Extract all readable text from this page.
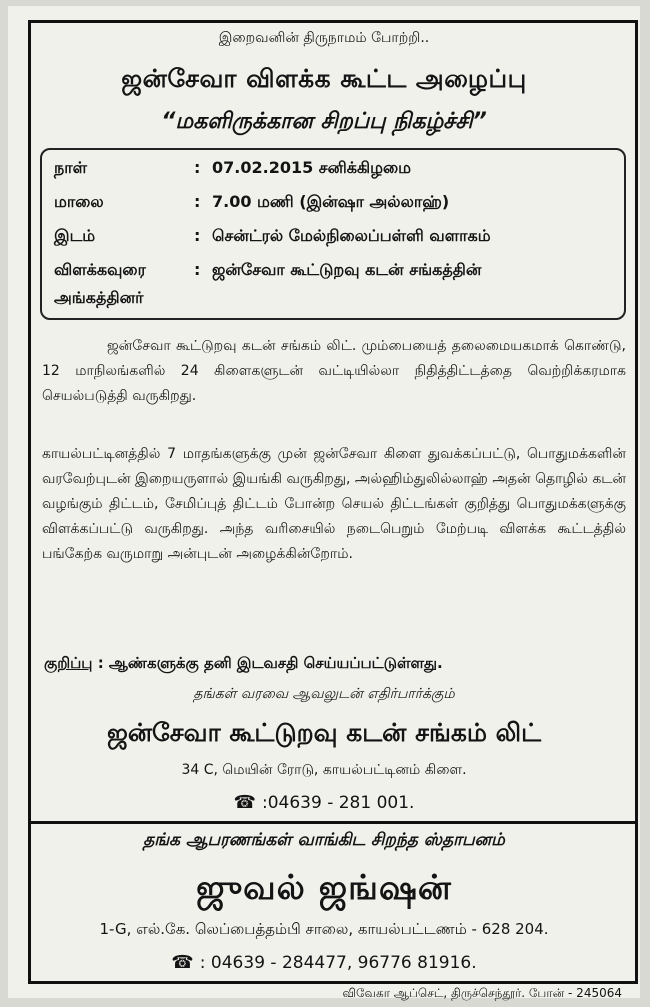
இறைவனின் திருநாமம் போற்றி..
ஜன்சேவா விளக்க கூட்ட அழைப்பு
“மகளிருக்கான சிறப்பு நிகழ்ச்சி”
நாள்	: 07.02.2015 சனிக்கிழமை
மாலை	: 7.00 மணி (இன்ஷா அல்லாஹ்)
இடம்	: சென்ட்ரல் மேல்நிலைப்பள்ளி வளாகம்
விளக்கவுரை	: ஜன்சேவா கூட்டுறவு கடன் சங்கத்தின்
அங்கத்தினர்

ஜன்சேவா கூட்டுறவு கடன் சங்கம் லிட். மும்பையைத் தலைமையகமாக் கொண்டு, 12 மாநிலங்களில் 24 கிளைகளுடன் வட்டியில்லா நிதித்திட்டத்தை வெற்றிக்கரமாக செயல்படுத்தி வருகிறது.

காயல்பட்டினத்தில் 7 மாதங்களுக்கு முன் ஜன்சேவா கிளை துவக்கப்பட்டு, பொதுமக்களின் வரவேற்புடன் இறையருளால் இயங்கி வருகிறது, அல்ஹிம்துலில்லாஹ் அதன் தொழில் கடன் வழங்கும் திட்டம், சேமிப்புத் திட்டம் போன்ற செயல் திட்டங்கள் குறித்து பொதுமக்களுக்கு விளக்கப்பட்டு வருகிறது. அந்த வரிசையில் நடைபெறும் மேற்படி விளக்க கூட்டத்தில் பங்கேற்க வருமாறு அன்புடன் அழைக்கின்றோம்.

குறிப்பு : ஆண்களுக்கு தனி இடவசதி செய்யப்பட்டுள்ளது.
தங்கள் வரவை ஆவலுடன் எதிர்பார்க்கும்
ஜன்சேவா கூட்டுறவு கடன் சங்கம் லிட்
34 C, மெயின் ரோடு, காயல்பட்டினம் கிளை.
☎ :04639 - 281 001.
தங்க ஆபரணங்கள் வாங்கிட சிறந்த ஸ்தாபனம்
ஜுவல் ஜங்ஷன்
1-G, எல்.கே. லெப்பைத்தம்பி சாலை, காயல்பட்டணம் - 628 204.
☎ : 04639 - 284477, 96776 81916.
விவேகா ஆப்செட், திருச்செந்தூர். போன் - 245064
